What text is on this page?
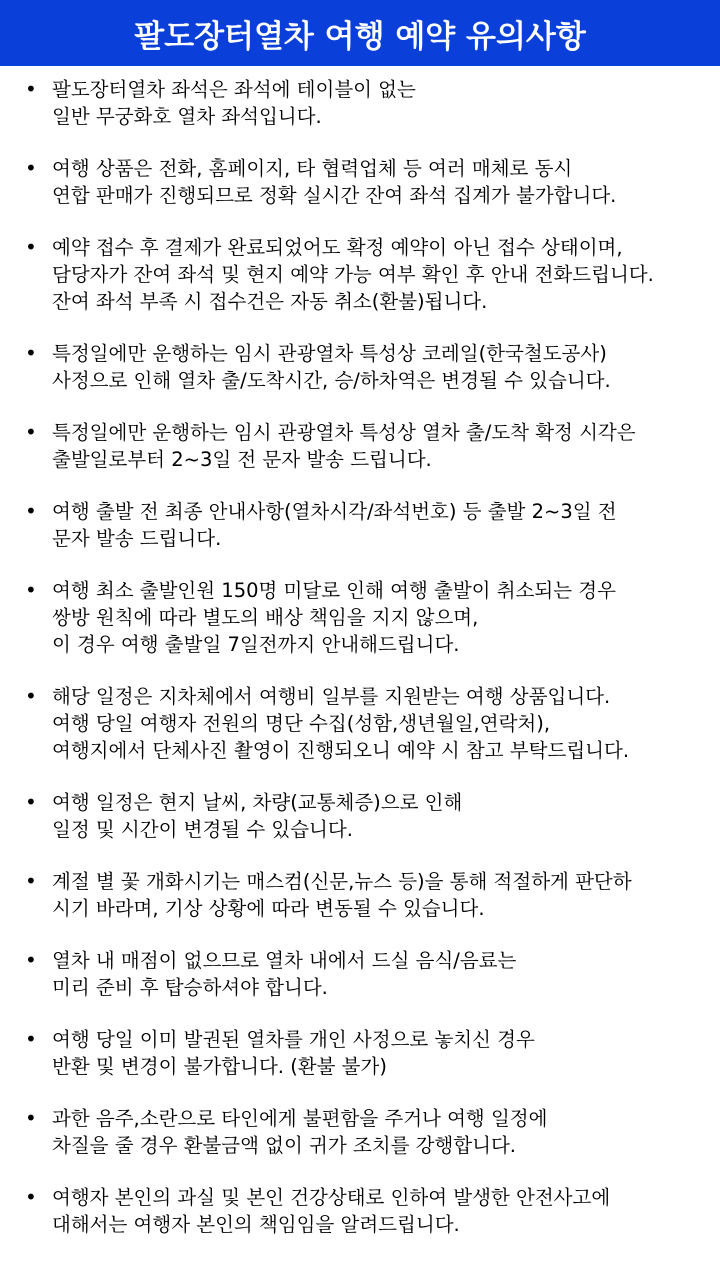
팔도장터열차 여행 예약 유의사항
• 팔도장터열차 좌석은 좌석에 테이블이 없는
일반 무궁화호 열차 좌석입니다.
• 여행 상품은 전화, 홈페이지, 타 협력업체 등 여러 매체로 동시
연합 판매가 진행되므로 정확 실시간 잔여 좌석 집계가 불가합니다.
• 예약 접수 후 결제가 완료되었어도 확정 예약이 아닌 접수 상태이며,
담당자가 잔여 좌석 및 현지 예약 가능 여부 확인 후 안내 전화드립니다.
잔여 좌석 부족 시 접수건은 자동 취소(환불)됩니다.
• 특정일에만 운행하는 임시 관광열차 특성상 코레일(한국철도공사)
사정으로 인해 열차 출/도착시간, 승/하차역은 변경될 수 있습니다.
• 특정일에만 운행하는 임시 관광열차 특성상 열차 출/도착 확정 시각은
출발일로부터 2~3일 전 문자 발송 드립니다.
• 여행 출발 전 최종 안내사항(열차시각/좌석번호) 등 출발 2~3일 전
문자 발송 드립니다.
• 여행 최소 출발인원 150명 미달로 인해 여행 출발이 취소되는 경우
쌍방 원칙에 따라 별도의 배상 책임을 지지 않으며,
이 경우 여행 출발일 7일전까지 안내해드립니다.
• 해당 일정은 지차체에서 여행비 일부를 지원받는 여행 상품입니다.
여행 당일 여행자 전원의 명단 수집(성함,생년월일,연락처),
여행지에서 단체사진 촬영이 진행되오니 예약 시 참고 부탁드립니다.
• 여행 일정은 현지 날씨, 차량(교통체증)으로 인해
일정 및 시간이 변경될 수 있습니다.
• 계절 별 꽃 개화시기는 매스컴(신문,뉴스 등)을 통해 적절하게 판단하
시기 바라며, 기상 상황에 따라 변동될 수 있습니다.
• 열차 내 매점이 없으므로 열차 내에서 드실 음식/음료는
미리 준비 후 탑승하셔야 합니다.
• 여행 당일 이미 발권된 열차를 개인 사정으로 놓치신 경우
반환 및 변경이 불가합니다. (환불 불가)
• 과한 음주,소란으로 타인에게 불편함을 주거나 여행 일정에
차질을 줄 경우 환불금액 없이 귀가 조치를 강행합니다.
• 여행자 본인의 과실 및 본인 건강상태로 인하여 발생한 안전사고에
대해서는 여행자 본인의 책임임을 알려드립니다.
